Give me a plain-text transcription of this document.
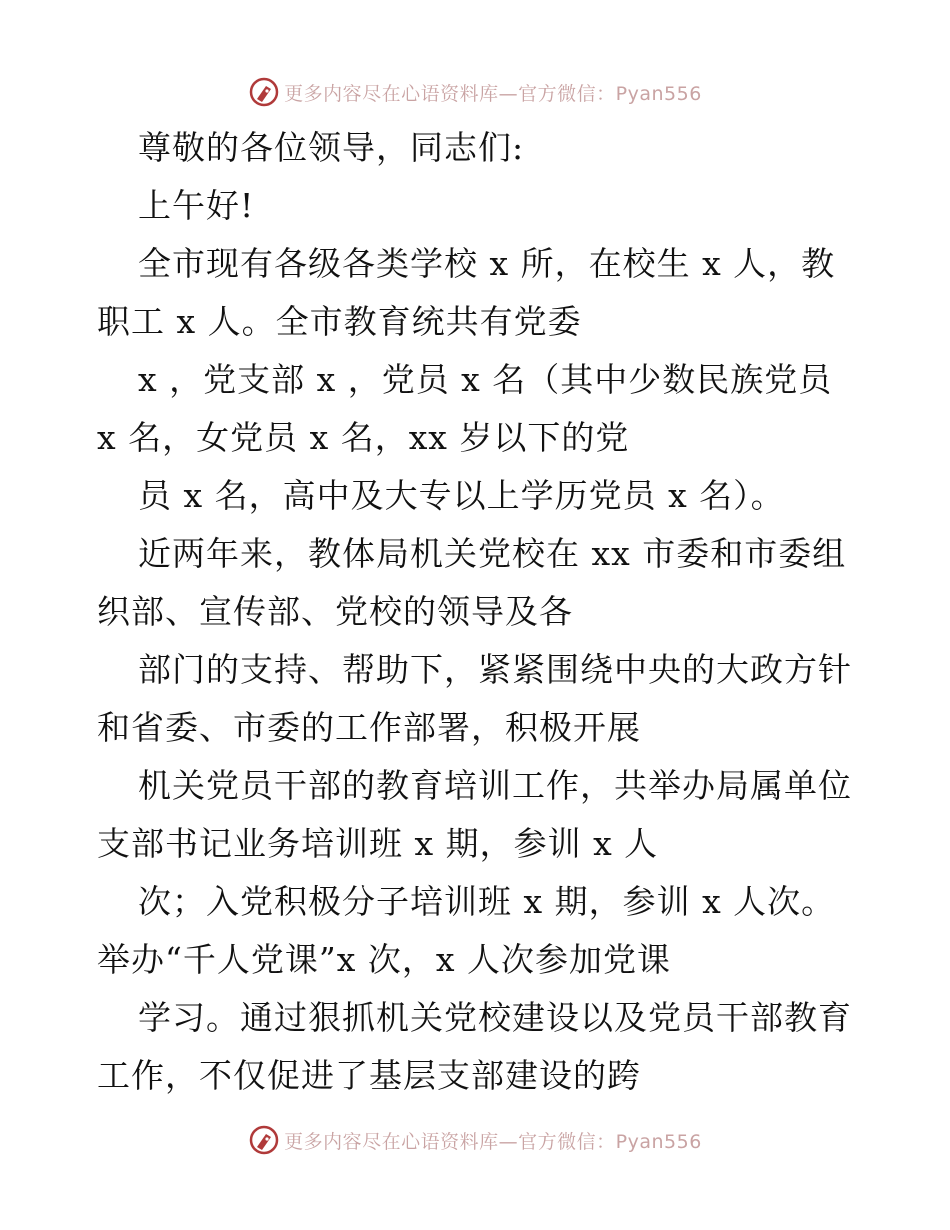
更多内容尽在心语资料库—官方微信：Pyan556
尊敬的各位领导，同志们:
上午好!
全市现有各级各类学校 x 所，在校生 x 人，教
职工 x 人。全市教育统共有党委
x ，党支部 x ，党员 x 名（其中少数民族党员
x 名，女党员 x 名，xx 岁以下的党
员 x 名，高中及大专以上学历党员 x 名）。
近两年来，教体局机关党校在 xx 市委和市委组
织部、宣传部、党校的领导及各
部门的支持、帮助下，紧紧围绕中央的大政方针
和省委、市委的工作部署，积极开展
机关党员干部的教育培训工作，共举办局属单位
支部书记业务培训班 x 期，参训 x 人
次；入党积极分子培训班 x 期，参训 x 人次。
举办“千人党课”x 次，x 人次参加党课
学习。通过狠抓机关党校建设以及党员干部教育
工作，不仅促进了基层支部建设的跨
更多内容尽在心语资料库—官方微信：Pyan556
